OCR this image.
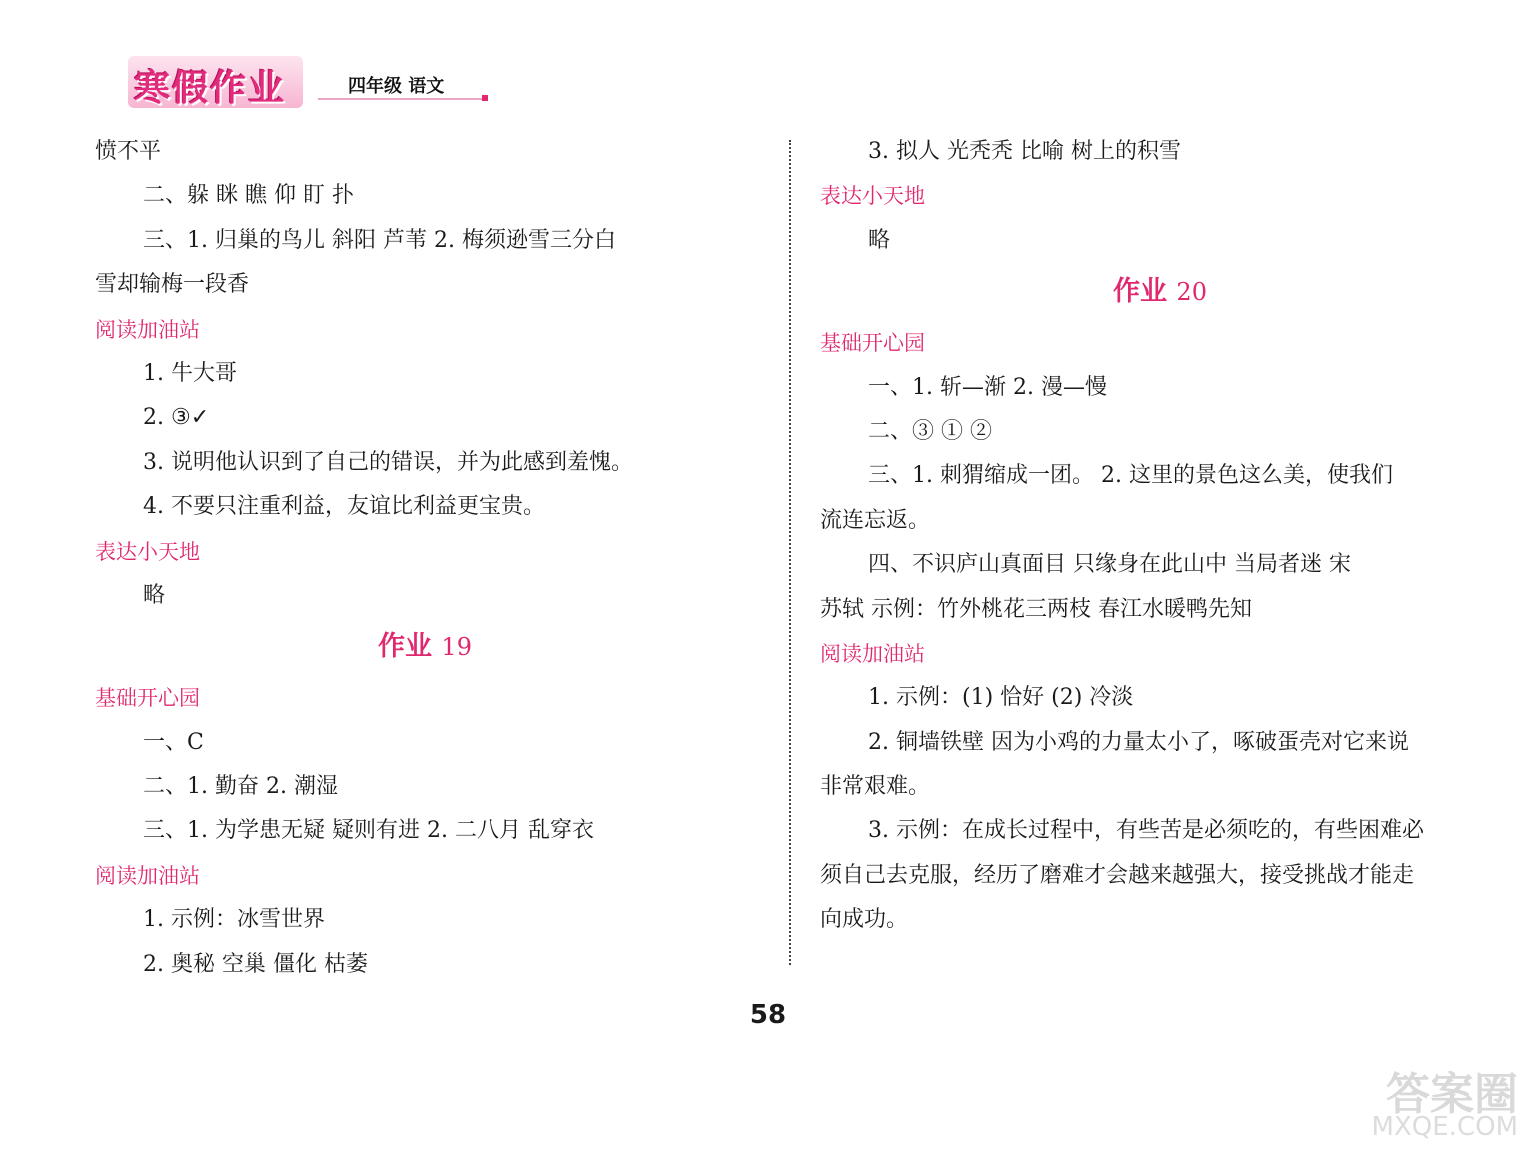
寒假作业	四年级 语文
愤不平
二、躲 眯 瞧 仰 盯 扑
三、1. 归巢的鸟儿 斜阳 芦苇 2. 梅须逊雪三分白
雪却输梅一段香
阅读加油站
1. 牛大哥
2. ③✓
3. 说明他认识到了自己的错误，并为此感到羞愧。
4. 不要只注重利益，友谊比利益更宝贵。
表达小天地
略
作业 19
基础开心园
一、C
二、1. 勤奋 2. 潮湿
三、1. 为学患无疑 疑则有进 2. 二八月 乱穿衣
阅读加油站
1. 示例：冰雪世界
2. 奥秘 空巢 僵化 枯萎
3. 拟人 光秃秃 比喻 树上的积雪
表达小天地
略
作业 20
基础开心园
一、1. 斩—渐 2. 漫—慢
二、③ ① ②
三、1. 刺猬缩成一团。 2. 这里的景色这么美，使我们
流连忘返。
四、不识庐山真面目 只缘身在此山中 当局者迷 宋
苏轼 示例：竹外桃花三两枝 春江水暖鸭先知
阅读加油站
1. 示例：(1) 恰好 (2) 冷淡
2. 铜墙铁壁 因为小鸡的力量太小了，啄破蛋壳对它来说
非常艰难。
3. 示例：在成长过程中，有些苦是必须吃的，有些困难必
须自己去克服，经历了磨难才会越来越强大，接受挑战才能走
向成功。
58
答案圈
MXQE.COM
